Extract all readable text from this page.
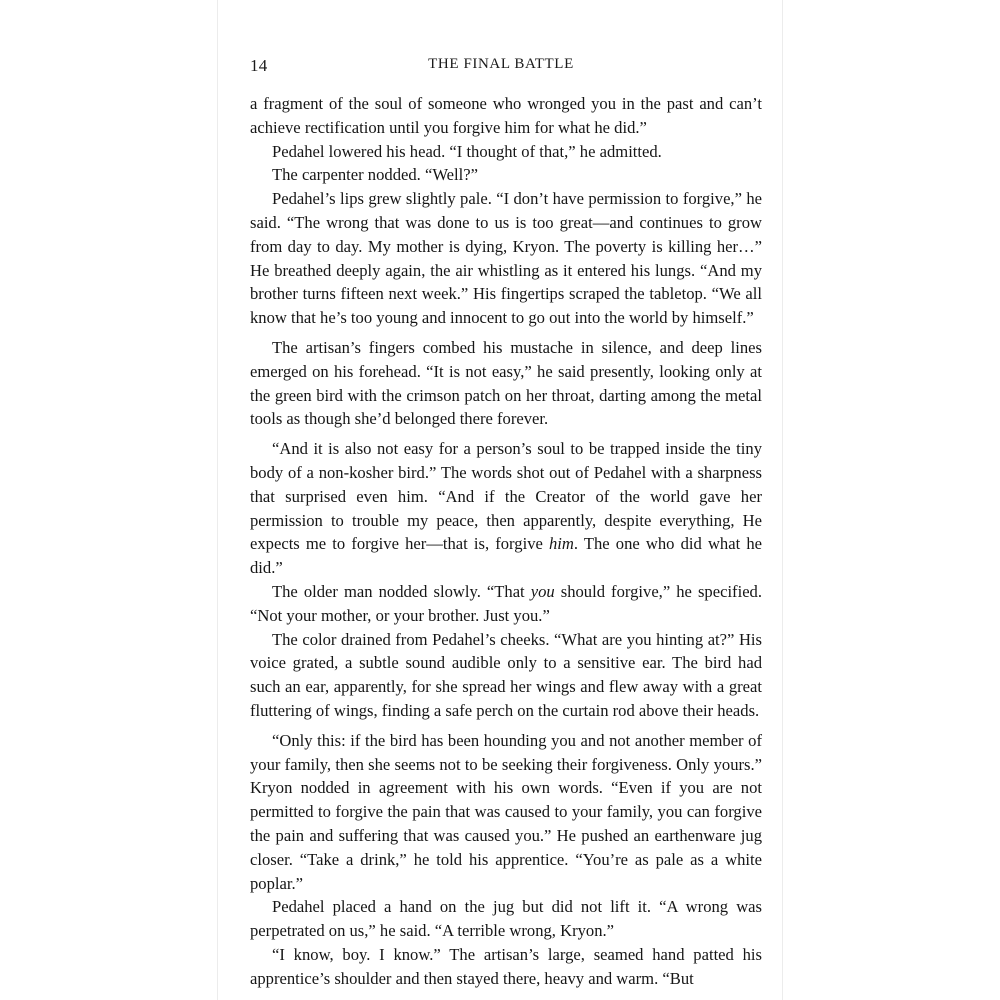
14	THE FINAL BATTLE

a fragment of the soul of someone who wronged you in the past and can’t achieve rectification until you forgive him for what he did.”

Pedahel lowered his head. “I thought of that,” he admitted.

The carpenter nodded. “Well?”

Pedahel’s lips grew slightly pale. “I don’t have permission to forgive,” he said. “The wrong that was done to us is too great—and continues to grow from day to day. My mother is dying, Kryon. The poverty is killing her…” He breathed deeply again, the air whistling as it entered his lungs. “And my brother turns fifteen next week.” His fingertips scraped the tabletop. “We all know that he’s too young and innocent to go out into the world by himself.”

The artisan’s fingers combed his mustache in silence, and deep lines emerged on his forehead. “It is not easy,” he said presently, looking only at the green bird with the crimson patch on her throat, darting among the metal tools as though she’d belonged there forever.

“And it is also not easy for a person’s soul to be trapped inside the tiny body of a non-kosher bird.” The words shot out of Pedahel with a sharpness that surprised even him. “And if the Creator of the world gave her permission to trouble my peace, then apparently, despite everything, He expects me to forgive her—that is, forgive him. The one who did what he did.”

The older man nodded slowly. “That you should forgive,” he specified. “Not your mother, or your brother. Just you.”

The color drained from Pedahel’s cheeks. “What are you hinting at?” His voice grated, a subtle sound audible only to a sensitive ear. The bird had such an ear, apparently, for she spread her wings and flew away with a great fluttering of wings, finding a safe perch on the curtain rod above their heads.

“Only this: if the bird has been hounding you and not another member of your family, then she seems not to be seeking their forgiveness. Only yours.” Kryon nodded in agreement with his own words. “Even if you are not permitted to forgive the pain that was caused to your family, you can forgive the pain and suffering that was caused you.” He pushed an earthenware jug closer. “Take a drink,” he told his apprentice. “You’re as pale as a white poplar.”

Pedahel placed a hand on the jug but did not lift it. “A wrong was perpetrated on us,” he said. “A terrible wrong, Kryon.”

“I know, boy. I know.” The artisan’s large, seamed hand patted his apprentice’s shoulder and then stayed there, heavy and warm. “But
